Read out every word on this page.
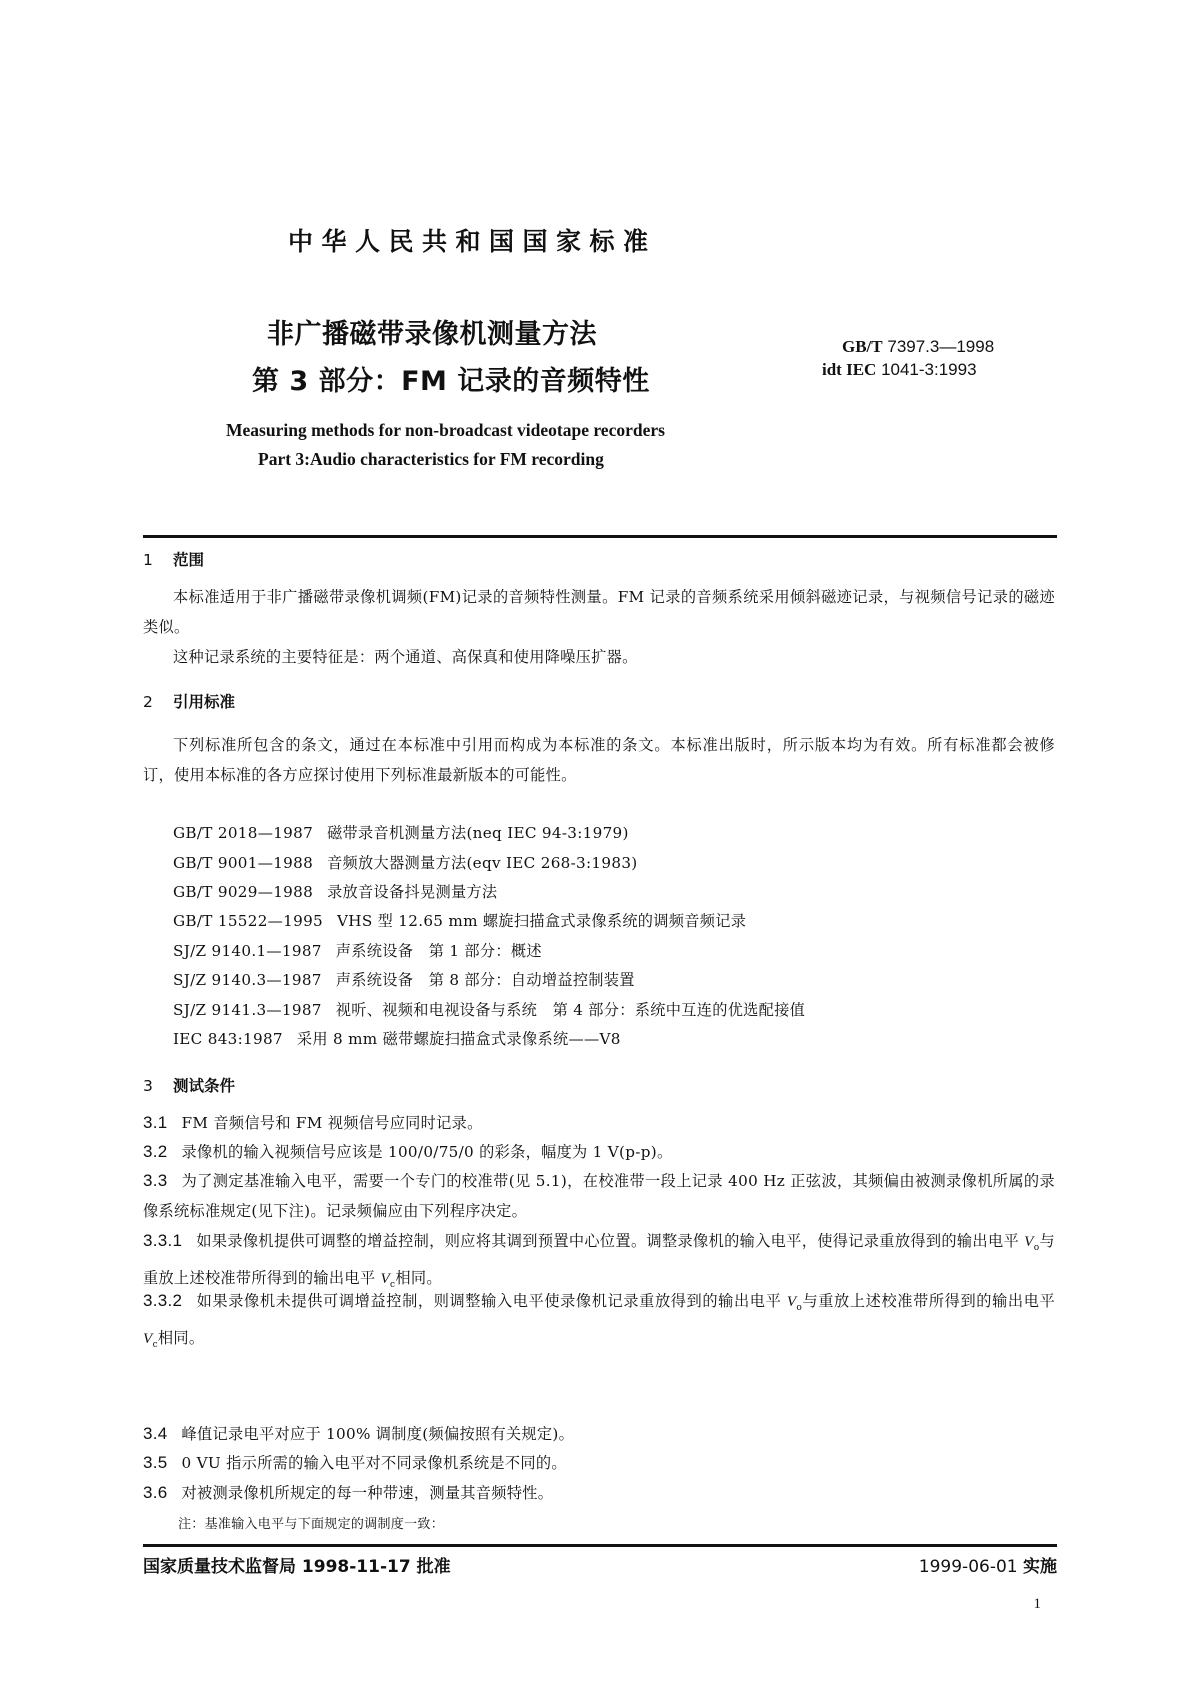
中华人民共和国国家标准
非广播磁带录像机测量方法
第 3 部分：FM 记录的音频特性
GB/T 7397.3—1998
idt IEC 1041-3:1993
Measuring methods for non-broadcast videotape recorders
Part 3:Audio characteristics for FM recording
1 范围
本标准适用于非广播磁带录像机调频(FM)记录的音频特性测量。FM 记录的音频系统采用倾斜磁迹记录，与视频信号记录的磁迹类似。
这种记录系统的主要特征是：两个通道、高保真和使用降噪压扩器。
2 引用标准
下列标准所包含的条文，通过在本标准中引用而构成为本标准的条文。本标准出版时，所示版本均为有效。所有标准都会被修订，使用本标准的各方应探讨使用下列标准最新版本的可能性。
GB/T 2018—1987 磁带录音机测量方法(neq IEC 94-3:1979)
GB/T 9001—1988 音频放大器测量方法(eqv IEC 268-3:1983)
GB/T 9029—1988 录放音设备抖晃测量方法
GB/T 15522—1995 VHS 型 12.65 mm 螺旋扫描盒式录像系统的调频音频记录
SJ/Z 9140.1—1987 声系统设备　第 1 部分：概述
SJ/Z 9140.3—1987 声系统设备　第 8 部分：自动增益控制装置
SJ/Z 9141.3—1987 视听、视频和电视设备与系统　第 4 部分：系统中互连的优选配接值
IEC 843:1987 采用 8 mm 磁带螺旋扫描盒式录像系统——V8
3 测试条件
3.1 FM 音频信号和 FM 视频信号应同时记录。
3.2 录像机的输入视频信号应该是 100/0/75/0 的彩条，幅度为 1 V(p-p)。
3.3 为了测定基准输入电平，需要一个专门的校准带(见 5.1)，在校准带一段上记录 400 Hz 正弦波，其频偏由被测录像机所属的录像系统标准规定(见下注)。记录频偏应由下列程序决定。
3.3.1 如果录像机提供可调整的增益控制，则应将其调到预置中心位置。调整录像机的输入电平，使得记录重放得到的输出电平 $V_o$与重放上述校准带所得到的输出电平 $V_c$相同。
3.3.2 如果录像机未提供可调增益控制，则调整输入电平使录像机记录重放得到的输出电平 $V_o$与重放上述校准带所得到的输出电平 $V_c$相同。
3.4 峰值记录电平对应于 100% 调制度(频偏按照有关规定)。
3.5 0 VU 指示所需的输入电平对不同录像机系统是不同的。
3.6 对被测录像机所规定的每一种带速，测量其音频特性。
注：基准输入电平与下面规定的调制度一致：
国家质量技术监督局 1998-11-17 批准	1999-06-01 实施
1
